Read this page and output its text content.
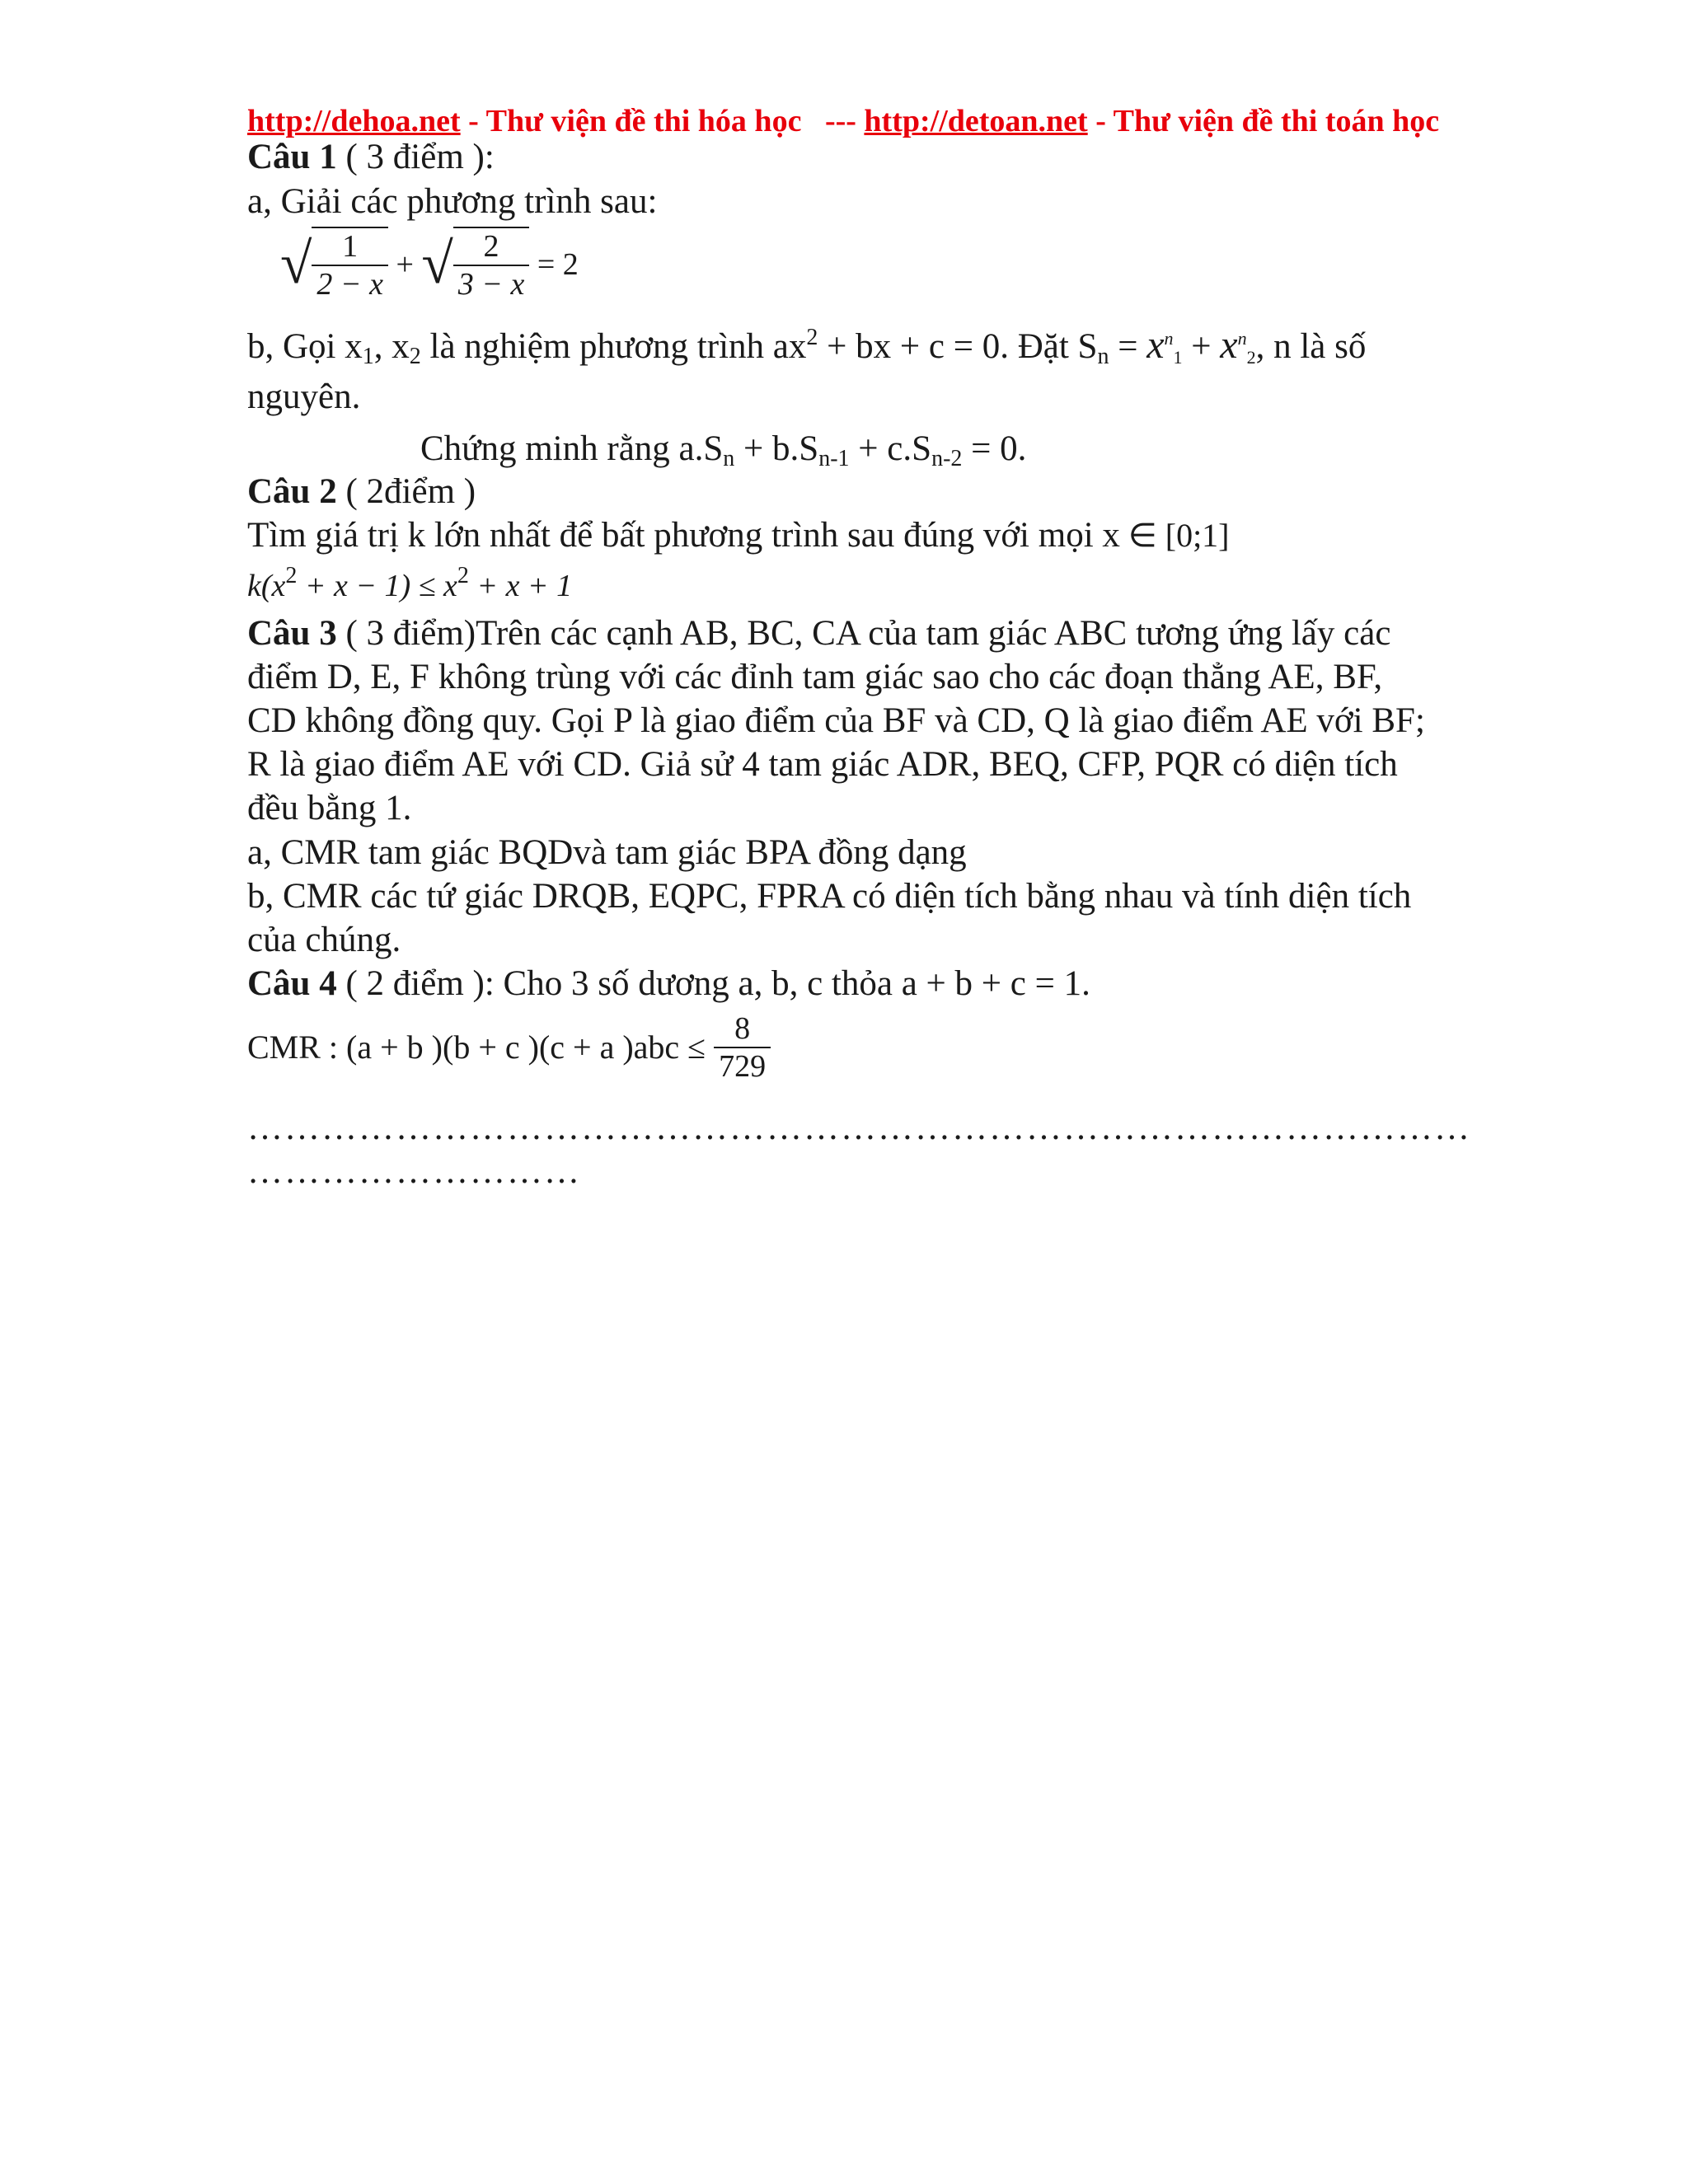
http://dehoa.net - Thư viện đề thi hóa học   --- http://detoan.net - Thư viện đề thi toán học
Câu 1 ( 3 điểm ):
a, Giải các phương trình sau:
√ $\frac{1}{2 - x}$ + √ $\frac{2}{3 - x} = 2$
b, Gọi $x_1$, $x_2$ là nghiệm phương trình $ax^2$ + bx + c = 0. Đặt $S_n = x^n_1 + x^n_2$, n là số
nguyên.
Chứng minh rằng $a.S_n + b.S_{n-1} + c.S_{n-2} = 0$.
Câu 2 ( 2điểm )
Tìm giá trị k lớn nhất để bất phương trình sau đúng với mọi x ∈ [0;1]
$k(x^2 + x - 1) \le x^2 + x + 1$
Câu 3 ( 3 điểm)Trên các cạnh AB, BC, CA của tam giác ABC tương ứng lấy các
điểm D, E, F không trùng với các đỉnh tam giác sao cho các đoạn thẳng AE, BF,
CD không đồng quy. Gọi P là giao điểm của BF và CD, Q là giao điểm AE với BF;
R là giao điểm AE với CD. Giả sử 4 tam giác ADR, BEQ, CFP, PQR có diện tích
đều bằng 1.
a, CMR tam giác BQDvà tam giác BPA đồng dạng
b, CMR các tứ giác DRQB, EQPC, FPRA có diện tích bằng nhau và tính diện tích
của chúng.
Câu 4 ( 2 điểm ): Cho 3 số dương a, b, c thỏa a + b + c = 1.
CMR : (a + b )(b + c )(c + a )$abc \le \frac{8}{729}$
………………………………………………………………………………………
………………………
